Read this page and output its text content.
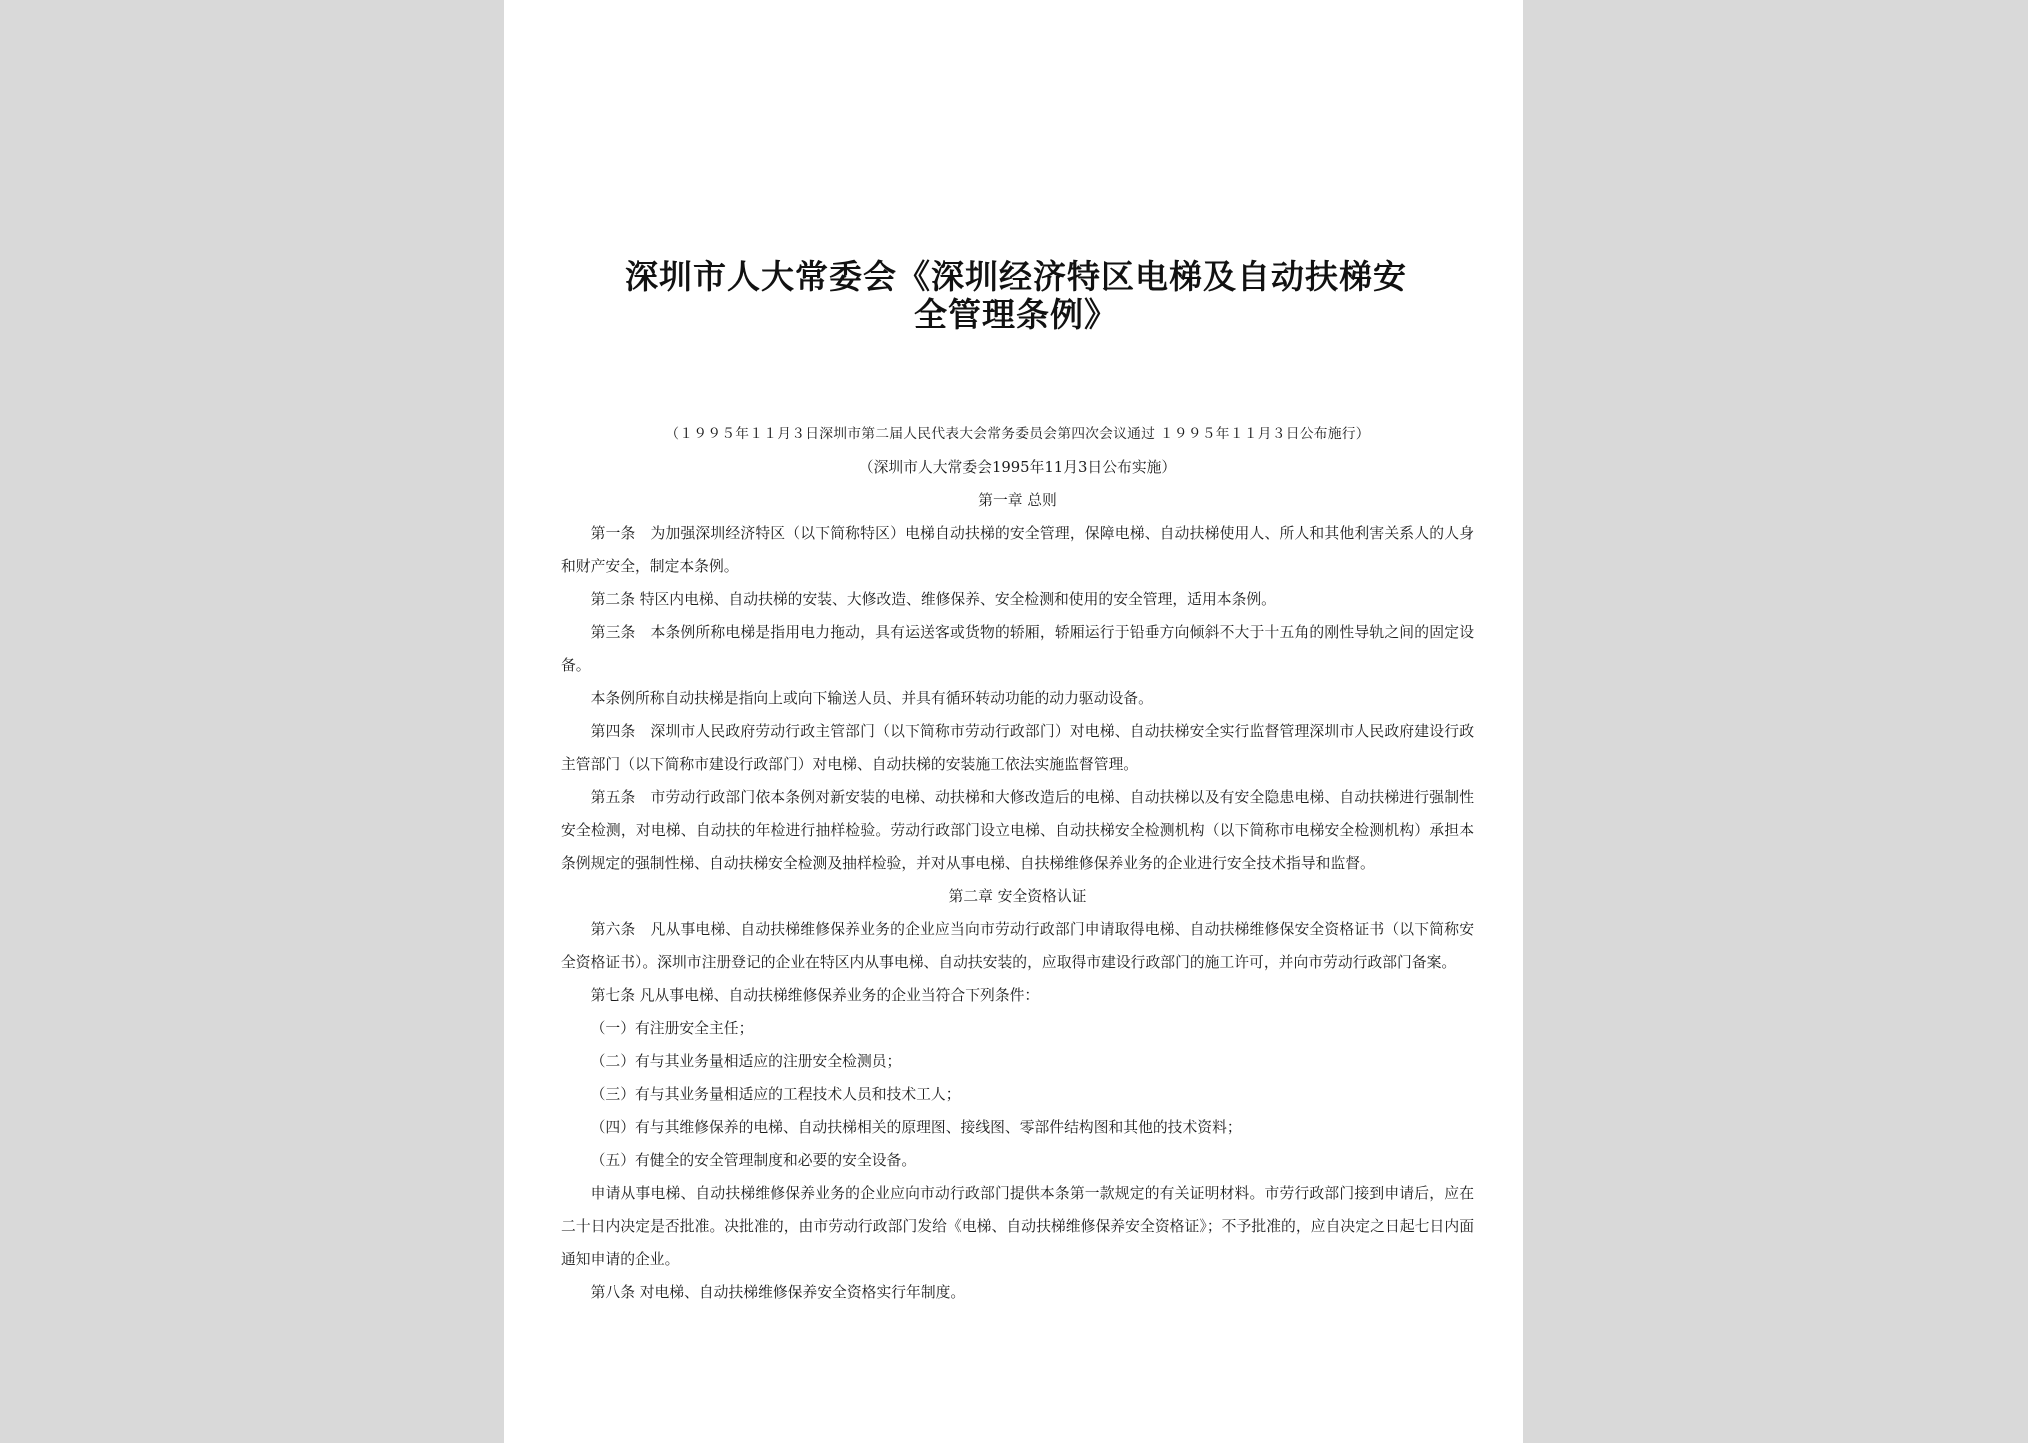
深圳市人大常委会《深圳经济特区电梯及自动扶梯安
全管理条例》

（１９９５年１１月３日深圳市第二届人民代表大会常务委员会第四次会议通过 １９９５年１１月３日公布施行）

（深圳市人大常委会1995年11月3日公布实施）

第一章 总则

第一条　为加强深圳经济特区（以下简称特区）电梯自动扶梯的安全管理，保障电梯、自动扶梯使用人、所人和其他利害关系人的人身和财产安全，制定本条例。

第二条 特区内电梯、自动扶梯的安装、大修改造、维修保养、安全检测和使用的安全管理，适用本条例。

第三条　本条例所称电梯是指用电力拖动，具有运送客或货物的轿厢，轿厢运行于铅垂方向倾斜不大于十五角的刚性导轨之间的固定设备。

本条例所称自动扶梯是指向上或向下输送人员、并具有循环转动功能的动力驱动设备。

第四条　深圳市人民政府劳动行政主管部门（以下简称市劳动行政部门）对电梯、自动扶梯安全实行监督管理深圳市人民政府建设行政主管部门（以下简称市建设行政部门）对电梯、自动扶梯的安装施工依法实施监督管理。

第五条　市劳动行政部门依本条例对新安装的电梯、动扶梯和大修改造后的电梯、自动扶梯以及有安全隐患电梯、自动扶梯进行强制性安全检测，对电梯、自动扶的年检进行抽样检验。劳动行政部门设立电梯、自动扶梯安全检测机构（以下简称市电梯安全检测机构）承担本条例规定的强制性梯、自动扶梯安全检测及抽样检验，并对从事电梯、自扶梯维修保养业务的企业进行安全技术指导和监督。

第二章 安全资格认证

第六条　凡从事电梯、自动扶梯维修保养业务的企业应当向市劳动行政部门申请取得电梯、自动扶梯维修保安全资格证书（以下简称安全资格证书）。深圳市注册登记的企业在特区内从事电梯、自动扶安装的，应取得市建设行政部门的施工许可，并向市劳动行政部门备案。

第七条 凡从事电梯、自动扶梯维修保养业务的企业当符合下列条件：

（一）有注册安全主任；

（二）有与其业务量相适应的注册安全检测员；

（三）有与其业务量相适应的工程技术人员和技术工人；

（四）有与其维修保养的电梯、自动扶梯相关的原理图、接线图、零部件结构图和其他的技术资料；

（五）有健全的安全管理制度和必要的安全设备。

申请从事电梯、自动扶梯维修保养业务的企业应向市动行政部门提供本条第一款规定的有关证明材料。市劳行政部门接到申请后，应在二十日内决定是否批准。决批准的，由市劳动行政部门发给《电梯、自动扶梯维修保养安全资格证》；不予批准的，应自决定之日起七日内面通知申请的企业。

第八条 对电梯、自动扶梯维修保养安全资格实行年制度。
